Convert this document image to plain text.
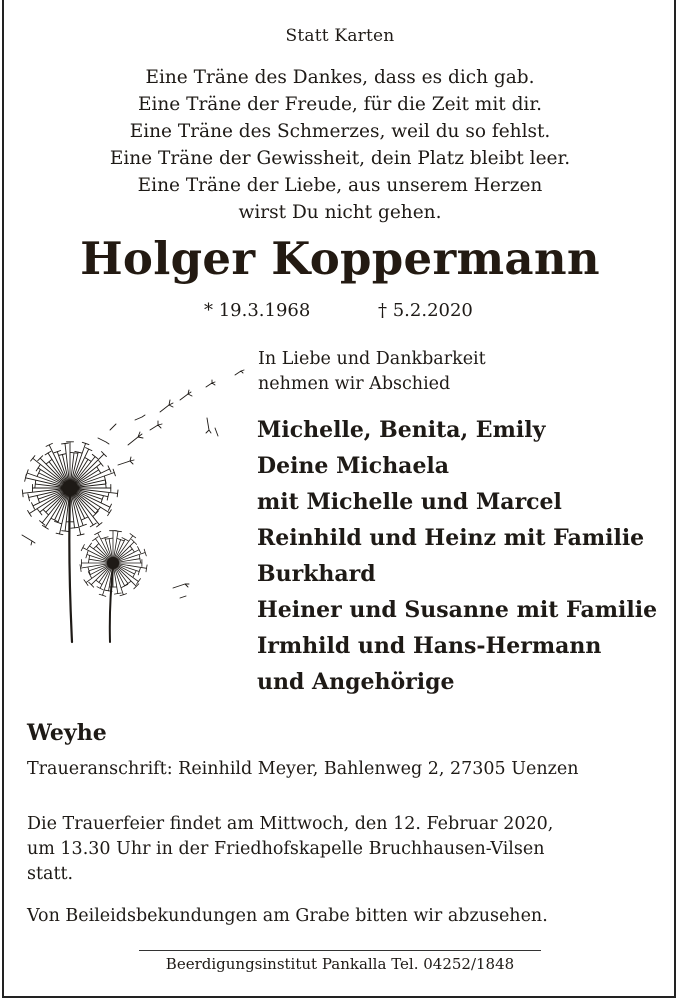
Statt Karten
Eine Träne des Dankes, dass es dich gab.
Eine Träne der Freude, für die Zeit mit dir.
Eine Träne des Schmerzes, weil du so fehlst.
Eine Träne der Gewissheit, dein Platz bleibt leer.
Eine Träne der Liebe, aus unserem Herzen
wirst Du nicht gehen.
Holger Koppermann
* 19.3.1968	† 5.2.2020
In Liebe und Dankbarkeit
nehmen wir Abschied
Michelle, Benita, Emily
Deine Michaela
mit Michelle und Marcel
Reinhild und Heinz mit Familie
Burkhard
Heiner und Susanne mit Familie
Irmhild und Hans-Hermann
und Angehörige
Weyhe
Traueranschrift: Reinhild Meyer, Bahlenweg 2, 27305 Uenzen
Die Trauerfeier findet am Mittwoch, den 12. Februar 2020,
um 13.30 Uhr in der Friedhofskapelle Bruchhausen-Vilsen
statt.
Von Beileidsbekundungen am Grabe bitten wir abzusehen.
Beerdigungsinstitut Pankalla Tel. 04252/1848
